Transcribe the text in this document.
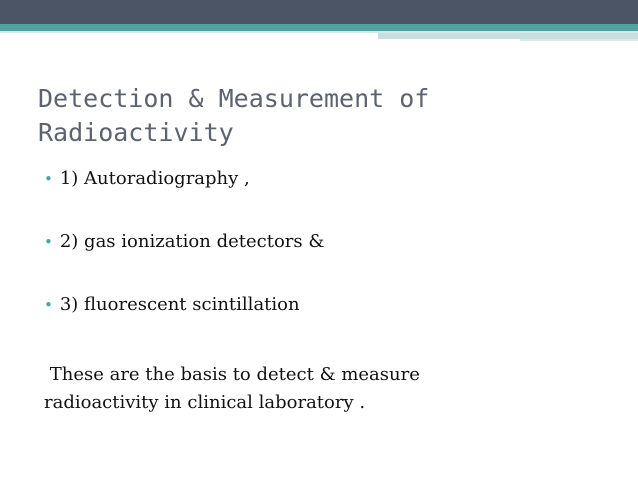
Detection & Measurement of
Radioactivity
• 1) Autoradiography ,
• 2) gas ionization detectors &
• 3) fluorescent scintillation

These are the basis to detect & measure
radioactivity in clinical laboratory .
